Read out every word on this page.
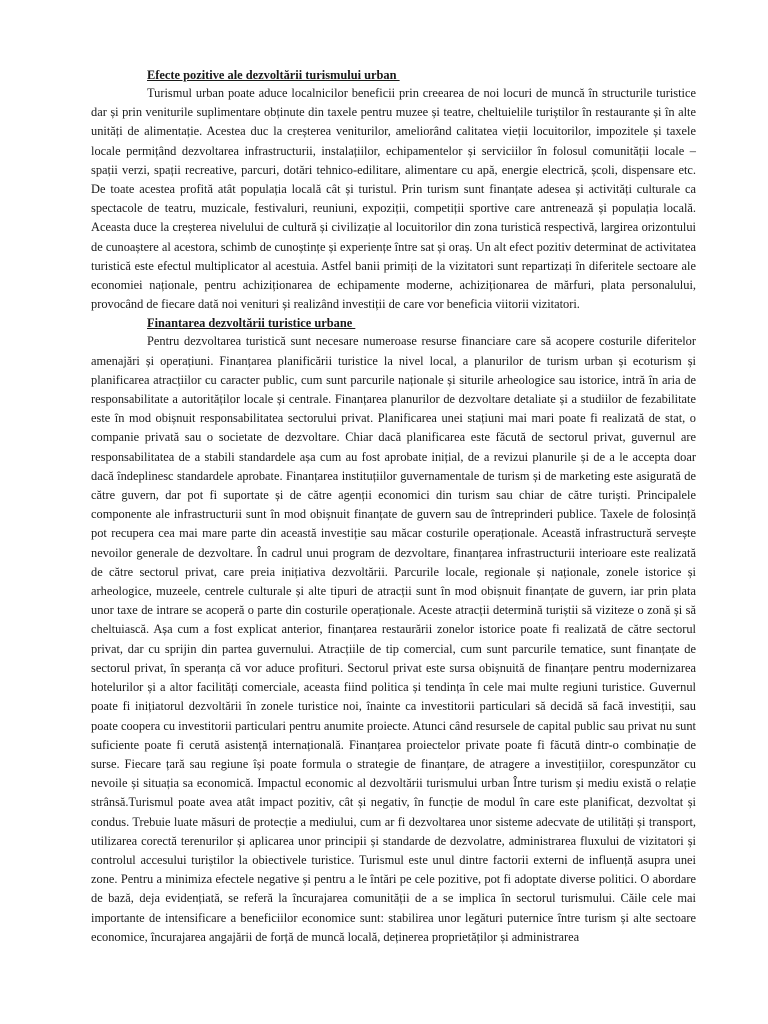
Efecte pozitive ale dezvoltării turismului urban

Turismul urban poate aduce localnicilor beneficii prin creearea de noi locuri de muncă în structurile turistice dar și prin veniturile suplimentare obținute din taxele pentru muzee și teatre, cheltuielile turiștilor în restaurante și în alte unități de alimentație. Acestea duc la creșterea veniturilor, ameliorând calitatea vieții locuitorilor, impozitele și taxele locale permițând dezvoltarea infrastructurii, instalațiilor, echipamentelor și serviciilor în folosul comunității locale – spații verzi, spații recreative, parcuri, dotări tehnico-edilitare, alimentare cu apă, energie electrică, școli, dispensare etc. De toate acestea profită atât populația locală cât și turistul. Prin turism sunt finanțate adesea și activități culturale ca spectacole de teatru, muzicale, festivaluri, reuniuni, expoziții, competiții sportive care antrenează și populația locală. Aceasta duce la creșterea nivelului de cultură și civilizație al locuitorilor din zona turistică respectivă, largirea orizontului de cunoaștere al acestora, schimb de cunoștințe și experiențe între sat și oraș. Un alt efect pozitiv determinat de activitatea turistică este efectul multiplicator al acestuia. Astfel banii primiți de la vizitatori sunt repartizați în diferitele sectoare ale economiei naționale, pentru achiziționarea de echipamente moderne, achiziționarea de mărfuri, plata personalului, provocând de fiecare dată noi venituri și realizând investiții de care vor beneficia viitorii vizitatori.

Finantarea dezvoltării turistice urbane

Pentru dezvoltarea turistică sunt necesare numeroase resurse financiare care să acopere costurile diferitelor amenajări și operațiuni. Finanțarea planificării turistice la nivel local, a planurilor de turism urban și ecoturism și planificarea atracțiilor cu caracter public, cum sunt parcurile naționale și siturile arheologice sau istorice, intră în aria de responsabilitate a autorităților locale și centrale. Finanțarea planurilor de dezvoltare detaliate și a studiilor de fezabilitate este în mod obișnuit responsabilitatea sectorului privat. Planificarea unei stațiuni mai mari poate fi realizată de stat, o companie privată sau o societate de dezvoltare. Chiar dacă planificarea este făcută de sectorul privat, guvernul are responsabilitatea de a stabili standardele așa cum au fost aprobate inițial, de a revizui planurile și de a le accepta doar dacă îndeplinesc standardele aprobate. Finanțarea instituțiilor guvernamentale de turism și de marketing este asigurată de către guvern, dar pot fi suportate și de către agenții economici din turism sau chiar de către turiști. Principalele componente ale infrastructurii sunt în mod obișnuit finanțate de guvern sau de întreprinderi publice. Taxele de folosință pot recupera cea mai mare parte din această investiție sau măcar costurile operaționale. Această infrastructură servește nevoilor generale de dezvoltare. În cadrul unui program de dezvoltare, finanțarea infrastructurii interioare este realizată de către sectorul privat, care preia inițiativa dezvoltării. Parcurile locale, regionale și naționale, zonele istorice și arheologice, muzeele, centrele culturale și alte tipuri de atracții sunt în mod obișnuit finanțate de guvern, iar prin plata unor taxe de intrare se acoperă o parte din costurile operaționale. Aceste atracții determină turiștii să viziteze o zonă și să cheltuiască. Așa cum a fost explicat anterior, finanțarea restaurării zonelor istorice poate fi realizată de către sectorul privat, dar cu sprijin din partea guvernului. Atracțiile de tip comercial, cum sunt parcurile tematice, sunt finanțate de sectorul privat, în speranța că vor aduce profituri. Sectorul privat este sursa obișnuită de finanțare pentru modernizarea hotelurilor și a altor facilități comerciale, aceasta fiind politica și tendința în cele mai multe regiuni turistice. Guvernul poate fi inițiatorul dezvoltării în zonele turistice noi, înainte ca investitorii particulari să decidă să facă investiții, sau poate coopera cu investitorii particulari pentru anumite proiecte. Atunci când resursele de capital public sau privat nu sunt suficiente poate fi cerută asistență internațională. Finanțarea proiectelor private poate fi făcută dintr-o combinație de surse. Fiecare țară sau regiune își poate formula o strategie de finanțare, de atragere a investițiilor, corespunzător cu nevoile și situația sa economică. Impactul economic al dezvoltării turismului urban Între turism și mediu există o relație strânsă.Turismul poate avea atât impact pozitiv, cât și negativ, în funcție de modul în care este planificat, dezvoltat și condus. Trebuie luate măsuri de protecție a mediului, cum ar fi dezvoltarea unor sisteme adecvate de utilități și transport, utilizarea corectă terenurilor și aplicarea unor principii și standarde de dezvolatre, administrarea fluxului de vizitatori și controlul accesului turiștilor la obiectivele turistice. Turismul este unul dintre factorii externi de influență asupra unei zone. Pentru a minimiza efectele negative și pentru a le întări pe cele pozitive, pot fi adoptate diverse politici. O abordare de bază, deja evidențiată, se referă la încurajarea comunității de a se implica în sectorul turismului. Căile cele mai importante de intensificare a beneficiilor economice sunt: stabilirea unor legături puternice între turism și alte sectoare economice, încurajarea angajării de forță de muncă locală, deținerea proprietăților și administrarea
